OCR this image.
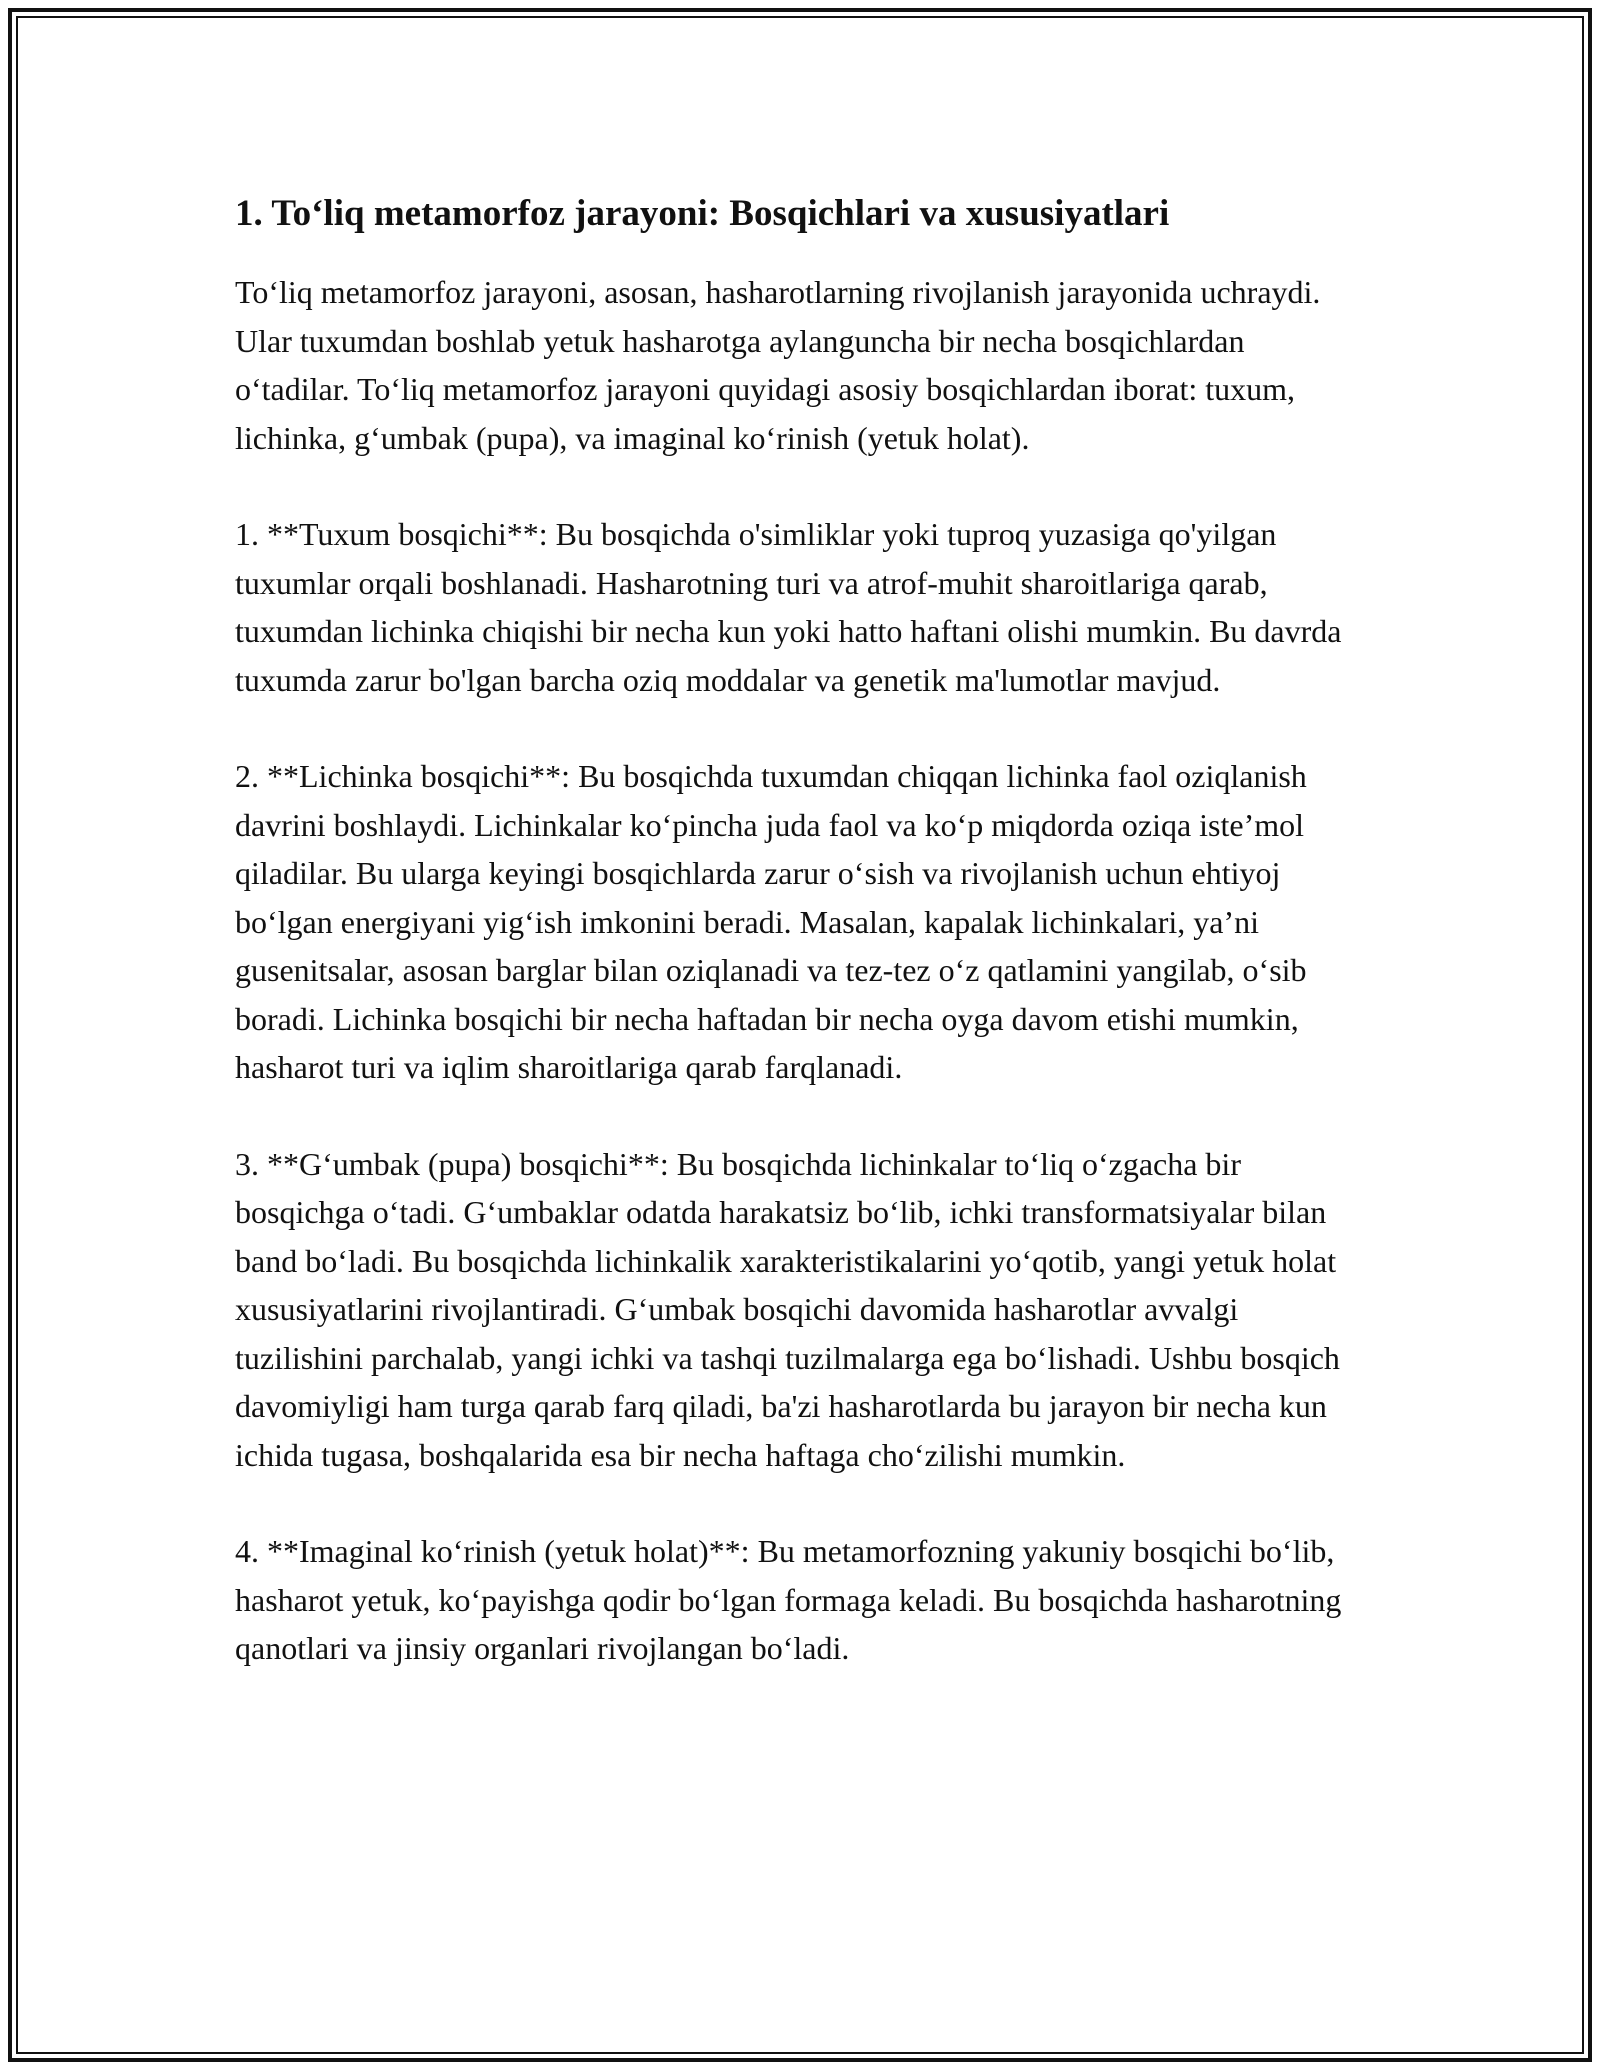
1. To‘liq metamorfoz jarayoni: Bosqichlari va xususiyatlari

To‘liq metamorfoz jarayoni, asosan, hasharotlarning rivojlanish jarayonida uchraydi. Ular tuxumdan boshlab yetuk hasharotga aylanguncha bir necha bosqichlardan o‘tadilar. To‘liq metamorfoz jarayoni quyidagi asosiy bosqichlardan iborat: tuxum, lichinka, g‘umbak (pupa), va imaginal ko‘rinish (yetuk holat).

1. **Tuxum bosqichi**: Bu bosqichda o'simliklar yoki tuproq yuzasiga qo'yilgan tuxumlar orqali boshlanadi. Hasharotning turi va atrof-muhit sharoitlariga qarab, tuxumdan lichinka chiqishi bir necha kun yoki hatto haftani olishi mumkin. Bu davrda tuxumda zarur bo'lgan barcha oziq moddalar va genetik ma'lumotlar mavjud.

2. **Lichinka bosqichi**: Bu bosqichda tuxumdan chiqqan lichinka faol oziqlanish davrini boshlaydi. Lichinkalar ko‘pincha juda faol va ko‘p miqdorda oziqa iste’mol qiladilar. Bu ularga keyingi bosqichlarda zarur o‘sish va rivojlanish uchun ehtiyoj bo‘lgan energiyani yig‘ish imkonini beradi. Masalan, kapalak lichinkalari, ya’ni gusenitsalar, asosan barglar bilan oziqlanadi va tez-tez o‘z qatlamini yangilab, o‘sib boradi. Lichinka bosqichi bir necha haftadan bir necha oyga davom etishi mumkin, hasharot turi va iqlim sharoitlariga qarab farqlanadi.

3. **G‘umbak (pupa) bosqichi**: Bu bosqichda lichinkalar to‘liq o‘zgacha bir bosqichga o‘tadi. G‘umbaklar odatda harakatsiz bo‘lib, ichki transformatsiyalar bilan band bo‘ladi. Bu bosqichda lichinkalik xarakteristikalarini yo‘qotib, yangi yetuk holat xususiyatlarini rivojlantiradi. G‘umbak bosqichi davomida hasharotlar avvalgi tuzilishini parchalab, yangi ichki va tashqi tuzilmalarga ega bo‘lishadi. Ushbu bosqich davomiyligi ham turga qarab farq qiladi, ba'zi hasharotlarda bu jarayon bir necha kun ichida tugasa, boshqalarida esa bir necha haftaga cho‘zilishi mumkin.

4. **Imaginal ko‘rinish (yetuk holat)**: Bu metamorfozning yakuniy bosqichi bo‘lib, hasharot yetuk, ko‘payishga qodir bo‘lgan formaga keladi. Bu bosqichda hasharotning qanotlari va jinsiy organlari rivojlangan bo‘ladi.
